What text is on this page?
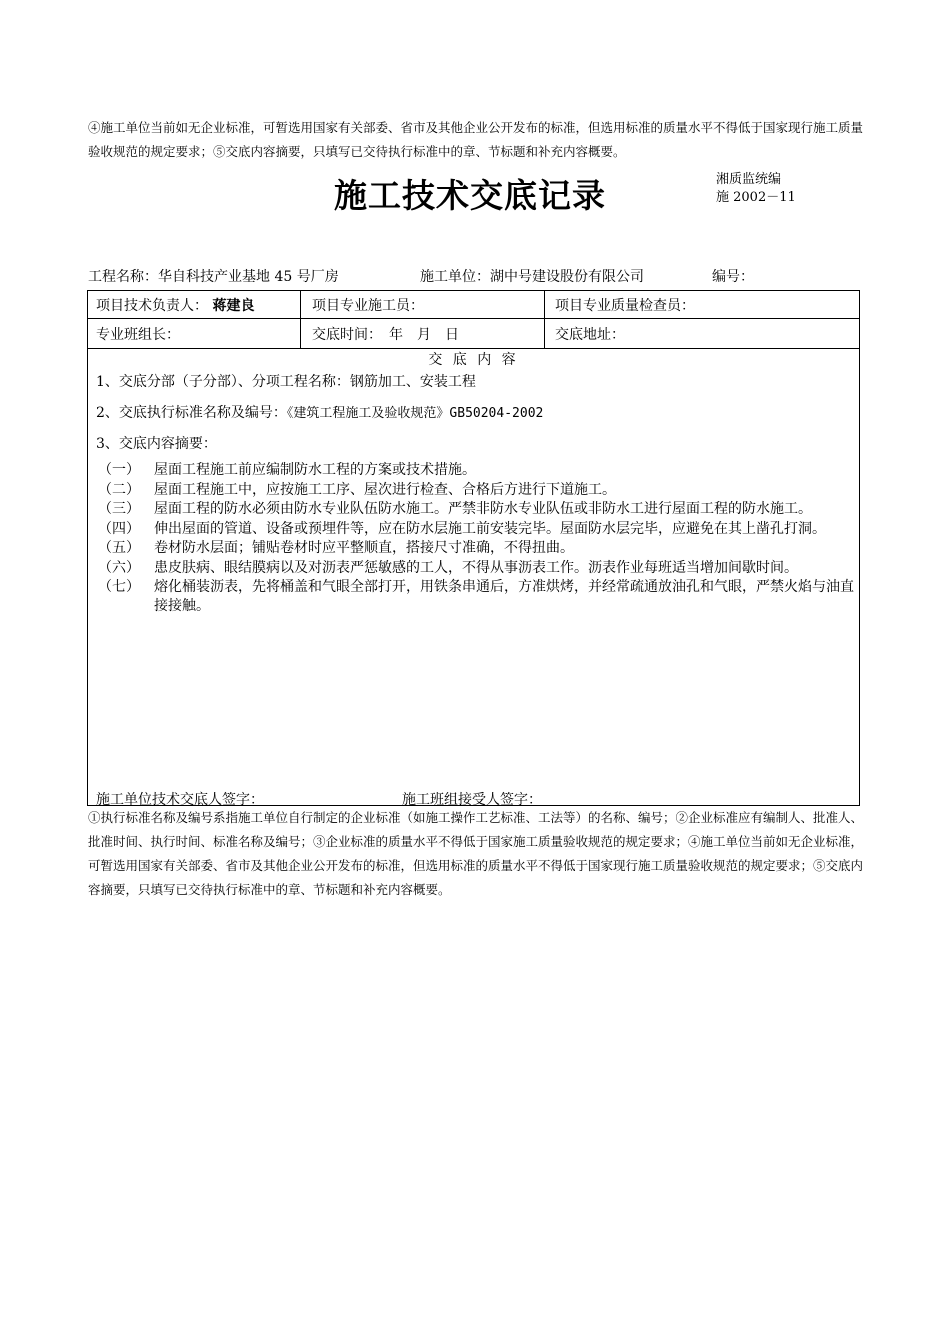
④施工单位当前如无企业标准，可暂选用国家有关部委、省市及其他企业公开发布的标准，但选用标准的质量水平不得低于国家现行施工质量验收规范的规定要求；⑤交底内容摘要，只填写已交待执行标准中的章、节标题和补充内容概要。
施工技术交底记录	湘质监统编
施 2002－11
工程名称：华自科技产业基地 45 号厂房	施工单位：湖中号建设股份有限公司	编号：
项目技术负责人： 蒋建良	项目专业施工员：	项目专业质量检查员：
专业班组长：	交底时间：　年　月　日	交底地址：
交 底 内 容
1、交底分部（子分部）、分项工程名称：钢筋加工、安装工程
2、交底执行标准名称及编号：《建筑工程施工及验收规范》GB50204-2002
3、交底内容摘要：
（一） 屋面工程施工前应编制防水工程的方案或技术措施。
（二） 屋面工程施工中，应按施工工序、屋次进行检查、合格后方进行下道施工。
（三） 屋面工程的防水必须由防水专业队伍防水施工。严禁非防水专业队伍或非防水工进行屋面工程的防水施工。
（四） 伸出屋面的管道、设备或预埋件等，应在防水层施工前安装完毕。屋面防水层完毕，应避免在其上凿孔打洞。
（五） 卷材防水层面；铺贴卷材时应平整顺直，搭接尺寸准确，不得扭曲。
（六） 患皮肤病、眼结膜病以及对沥表严惩敏感的工人，不得从事沥表工作。沥表作业每班适当增加间歇时间。
（七） 熔化桶装沥表，先将桶盖和气眼全部打开，用铁条串通后，方准烘烤，并经常疏通放油孔和气眼，严禁火焰与油直接接触。
施工单位技术交底人签字：	施工班组接受人签字：
①执行标准名称及编号系指施工单位自行制定的企业标准（如施工操作工艺标准、工法等）的名称、编号；②企业标准应有编制人、批准人、批准时间、执行时间、标准名称及编号；③企业标准的质量水平不得低于国家施工质量验收规范的规定要求；④施工单位当前如无企业标准，可暂选用国家有关部委、省市及其他企业公开发布的标准，但选用标准的质量水平不得低于国家现行施工质量验收规范的规定要求；⑤交底内容摘要，只填写已交待执行标准中的章、节标题和补充内容概要。
